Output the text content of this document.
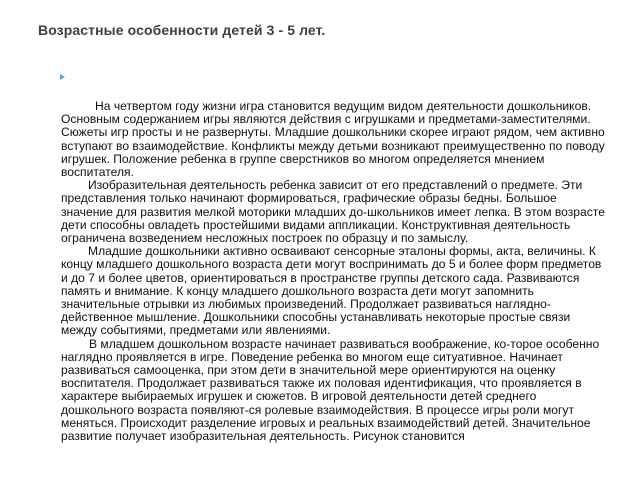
Возрастные особенности детей 3 - 5 лет.

На четвертом году жизни игра становится ведущим видом деятельности дошкольников. Основным содержанием игры являются действия с игрушками и предметами-заместителями. Сюжеты игр просты и не развернуты. Младшие дошкольники скорее играют рядом, чем активно вступают во взаимодействие. Конфликты между детьми возникают преимущественно по поводу игрушек. Положение ребенка в группе сверстников во многом определяется мнением воспитателя.

Изобразительная деятельность ребенка зависит от его представлений о предмете. Эти представления только начинают формироваться, графические образы бедны. Большое значение для развития мелкой моторики младших до-школьников имеет лепка. В этом возрасте дети способны овладеть простейшими видами аппликации. Конструктивная деятельность ограничена возведением несложных построек по образцу и по замыслу.

Младшие дошкольники активно осваивают сенсорные эталоны формы, акта, величины. К концу младшего дошкольного возраста дети могут воспринимать до 5 и более форм предметов и до 7 и более цветов, ориентироваться в пространстве группы детского сада. Развиваются память и внимание. К концу младшего дошкольного возраста дети могут запомнить значительные отрывки из любимых произведений. Продолжает развиваться наглядно-действенное мышление. Дошкольники способны устанавливать некоторые простые связи между событиями, предметами или явлениями.

В младшем дошкольном возрасте начинает развиваться воображение, ко-торое особенно наглядно проявляется в игре. Поведение ребенка во многом еще ситуативное. Начинает развиваться самооценка, при этом дети в значительной мере ориентируются на оценку воспитателя. Продолжает развиваться также их половая идентификация, что проявляется в характере выбираемых игрушек и сюжетов. В игровой деятельности детей среднего дошкольного возраста появляют-ся ролевые взаимодействия. В процессе игры роли могут меняться. Происходит разделение игровых и реальных взаимодействий детей. Значительное развитие получает изобразительная деятельность. Рисунок становится
